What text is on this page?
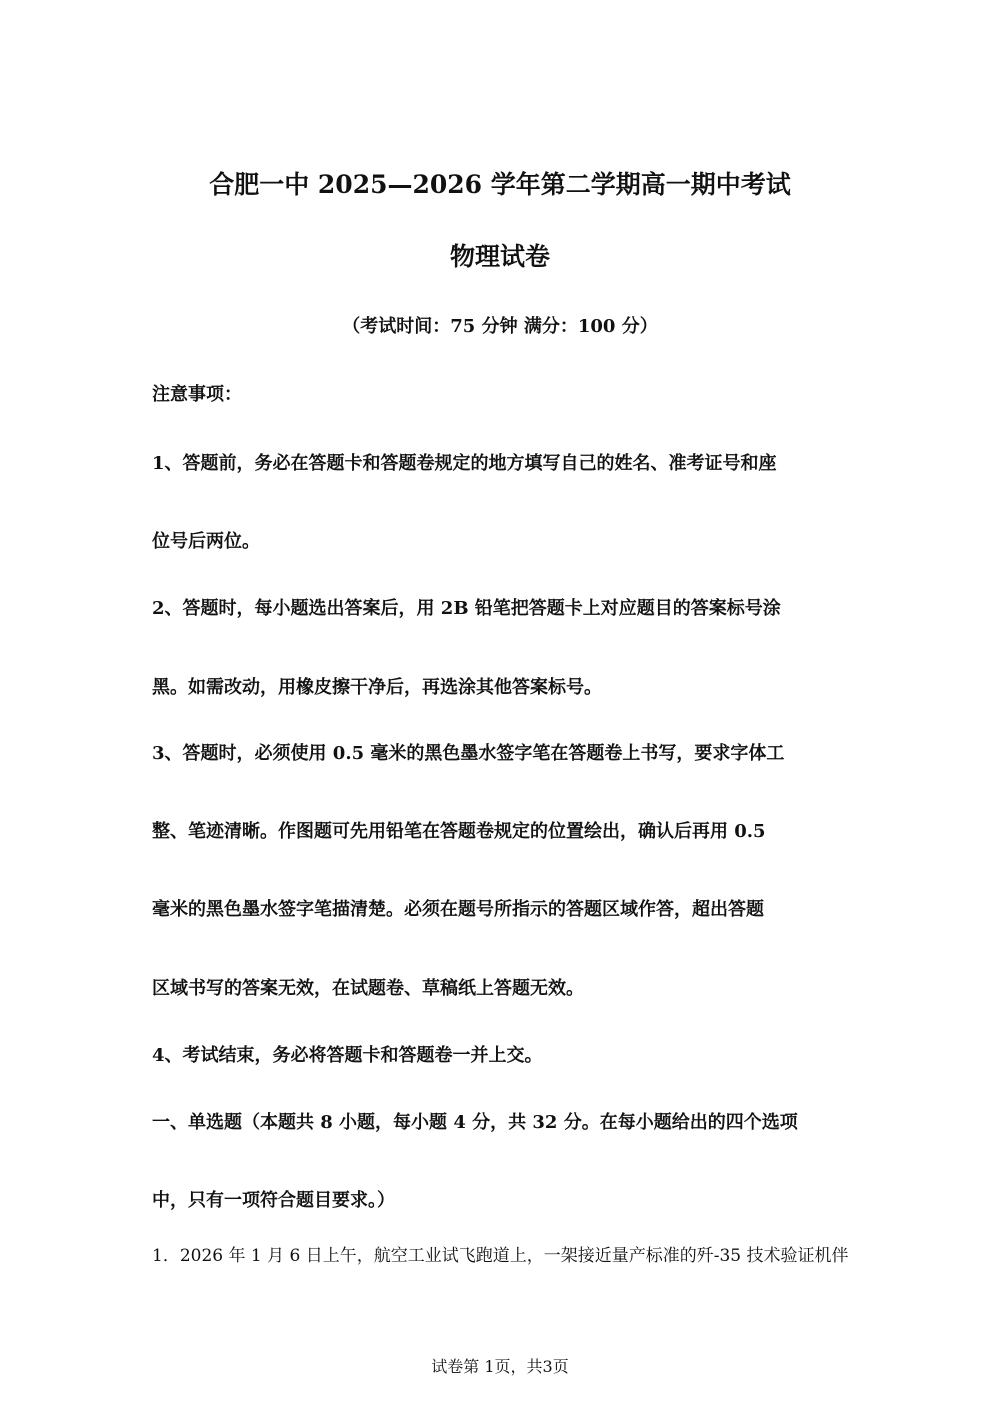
合肥一中 2025—2026 学年第二学期高一期中考试
物理试卷
（考试时间：75 分钟 满分：100 分）
注意事项：
1、答题前，务必在答题卡和答题卷规定的地方填写自己的姓名、准考证号和座
位号后两位。
2、答题时，每小题选出答案后，用 2B 铅笔把答题卡上对应题目的答案标号涂
黑。如需改动，用橡皮擦干净后，再选涂其他答案标号。
3、答题时，必须使用 0.5 毫米的黑色墨水签字笔在答题卷上书写，要求字体工
整、笔迹清晰。作图题可先用铅笔在答题卷规定的位置绘出，确认后再用 0.5
毫米的黑色墨水签字笔描清楚。必须在题号所指示的答题区域作答，超出答题
区域书写的答案无效，在试题卷、草稿纸上答题无效。
4、考试结束，务必将答题卡和答题卷一并上交。
一、单选题（本题共 8 小题，每小题 4 分，共 32 分。在每小题给出的四个选项
中，只有一项符合题目要求。）
1．2026 年 1 月 6 日上午，航空工业试飞跑道上，一架接近量产标准的歼-35 技术验证机伴
试卷第 1页，共3页
